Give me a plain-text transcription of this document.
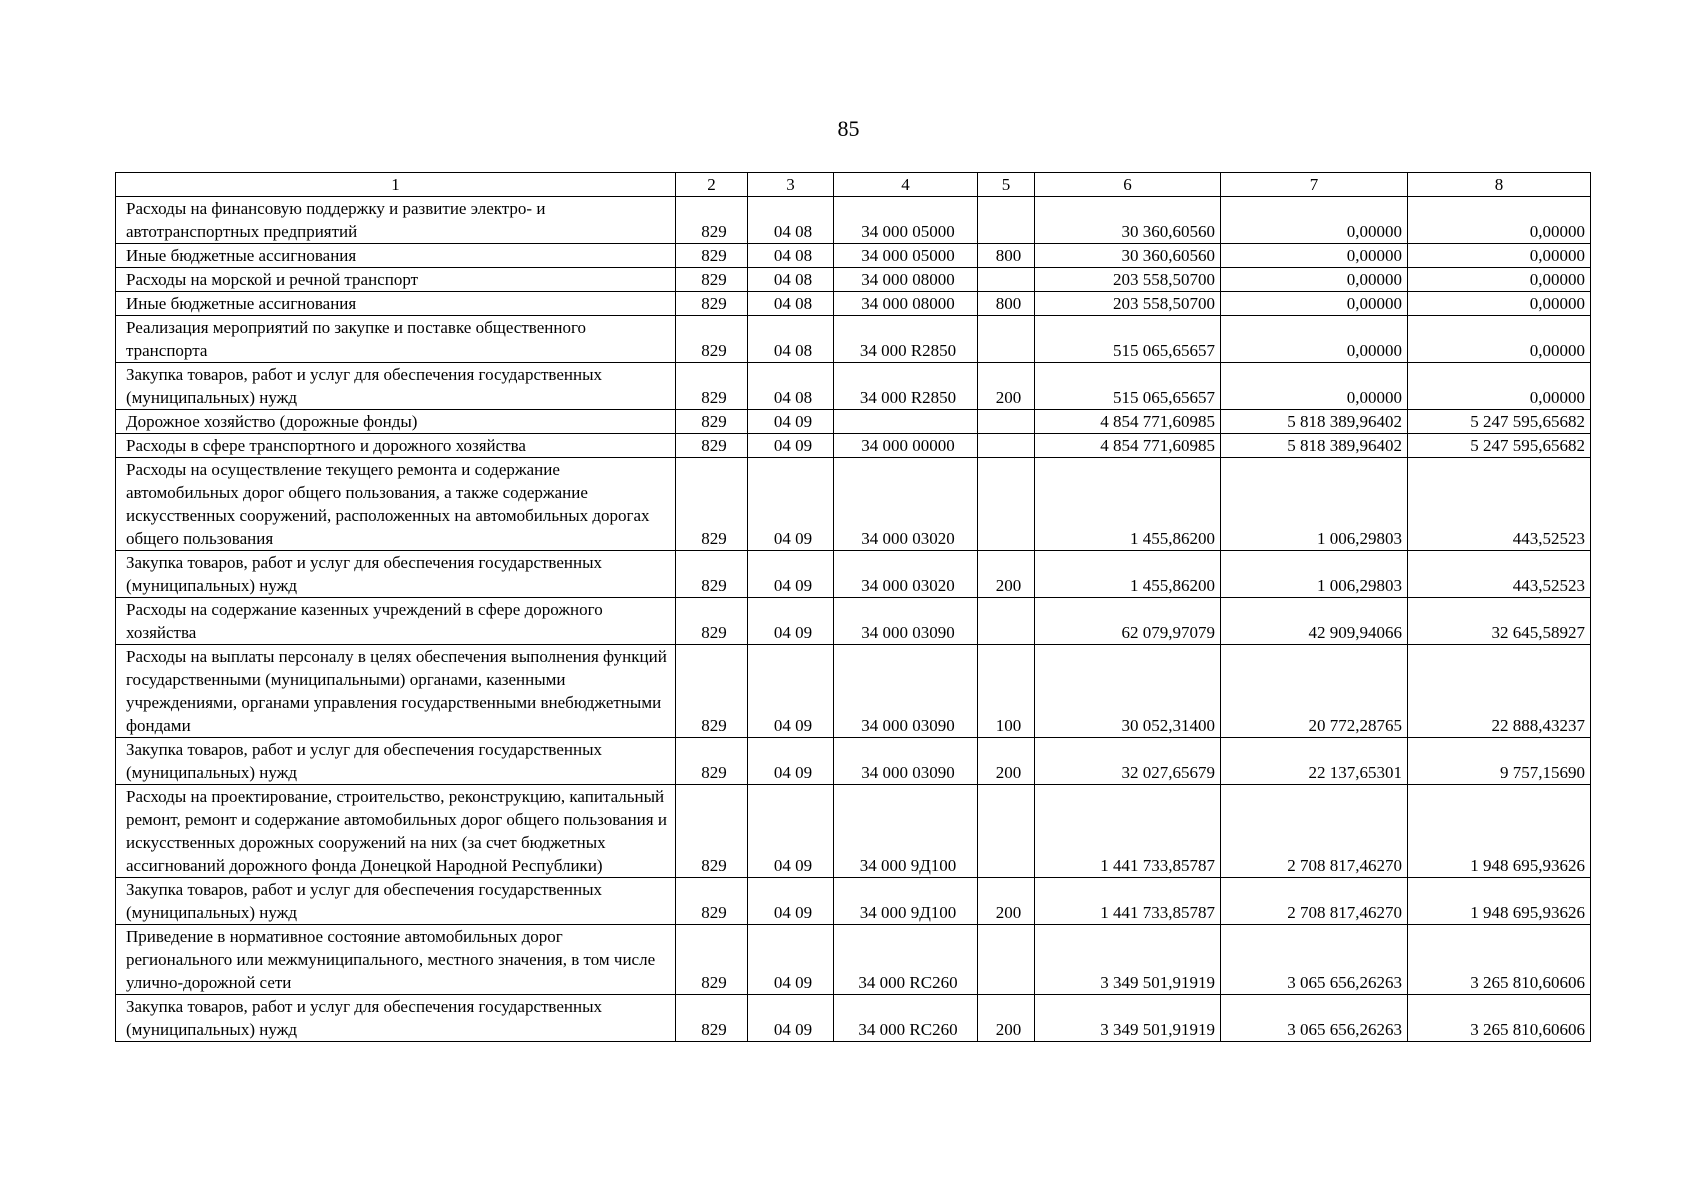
85
1	2	3	4	5	6	7	8
Расходы на финансовую поддержку и развитие электро- и автотранспортных предприятий	829	04 08	34 000 05000		30 360,60560	0,00000	0,00000
Иные бюджетные ассигнования	829	04 08	34 000 05000	800	30 360,60560	0,00000	0,00000
Расходы на морской и речной транспорт	829	04 08	34 000 08000		203 558,50700	0,00000	0,00000
Иные бюджетные ассигнования	829	04 08	34 000 08000	800	203 558,50700	0,00000	0,00000
Реализация мероприятий по закупке и поставке общественного транспорта	829	04 08	34 000 R2850		515 065,65657	0,00000	0,00000
Закупка товаров, работ и услуг для обеспечения государственных (муниципальных) нужд	829	04 08	34 000 R2850	200	515 065,65657	0,00000	0,00000
Дорожное хозяйство (дорожные фонды)	829	04 09			4 854 771,60985	5 818 389,96402	5 247 595,65682
Расходы в сфере транспортного и дорожного хозяйства	829	04 09	34 000 00000		4 854 771,60985	5 818 389,96402	5 247 595,65682
Расходы на осуществление текущего ремонта и содержание автомобильных дорог общего пользования, а также содержание искусственных сооружений, расположенных на автомобильных дорогах общего пользования	829	04 09	34 000 03020		1 455,86200	1 006,29803	443,52523
Закупка товаров, работ и услуг для обеспечения государственных (муниципальных) нужд	829	04 09	34 000 03020	200	1 455,86200	1 006,29803	443,52523
Расходы на содержание казенных учреждений в сфере дорожного хозяйства	829	04 09	34 000 03090		62 079,97079	42 909,94066	32 645,58927
Расходы на выплаты персоналу в целях обеспечения выполнения функций государственными (муниципальными) органами, казенными учреждениями, органами управления государственными внебюджетными фондами	829	04 09	34 000 03090	100	30 052,31400	20 772,28765	22 888,43237
Закупка товаров, работ и услуг для обеспечения государственных (муниципальных) нужд	829	04 09	34 000 03090	200	32 027,65679	22 137,65301	9 757,15690
Расходы на проектирование, строительство, реконструкцию, капитальный ремонт, ремонт и содержание автомобильных дорог общего пользования и искусственных дорожных сооружений на них (за счет бюджетных ассигнований дорожного фонда Донецкой Народной Республики)	829	04 09	34 000 9Д100		1 441 733,85787	2 708 817,46270	1 948 695,93626
Закупка товаров, работ и услуг для обеспечения государственных (муниципальных) нужд	829	04 09	34 000 9Д100	200	1 441 733,85787	2 708 817,46270	1 948 695,93626
Приведение в нормативное состояние автомобильных дорог регионального или межмуниципального, местного значения, в том числе улично-дорожной сети	829	04 09	34 000 RC260		3 349 501,91919	3 065 656,26263	3 265 810,60606
Закупка товаров, работ и услуг для обеспечения государственных (муниципальных) нужд	829	04 09	34 000 RC260	200	3 349 501,91919	3 065 656,26263	3 265 810,60606
